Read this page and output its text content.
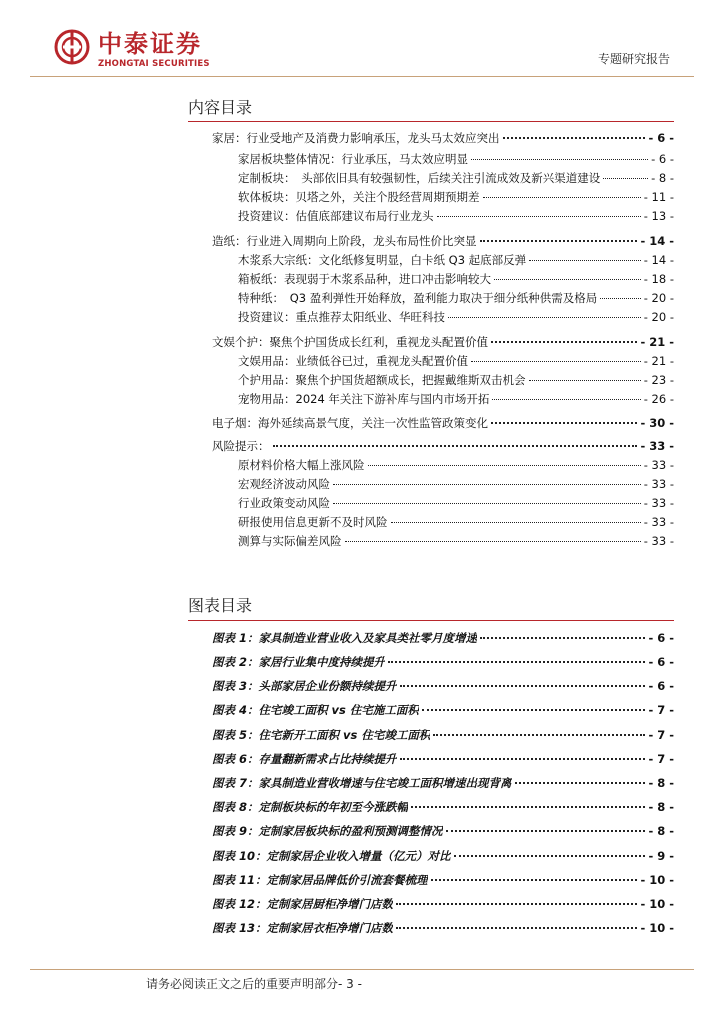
中泰证券
ZHONGTAI SECURITIES	专题研究报告
内容目录
家居：行业受地产及消费力影响承压，龙头马太效应突出	- 6 -
家居板块整体情况：行业承压，马太效应明显	- 6 -
定制板块：　头部依旧具有较强韧性，后续关注引流成效及新兴渠道建设	- 8 -
软体板块：贝塔之外，关注个股经营周期预期差	- 11 -
投资建议：估值底部建议布局行业龙头	- 13 -
造纸：行业进入周期向上阶段，龙头布局性价比突显	- 14 -
木浆系大宗纸：文化纸修复明显，白卡纸 Q3 起底部反弹	- 14 -
箱板纸：表现弱于木浆系品种，进口冲击影响较大	- 18 -
特种纸：　Q3 盈利弹性开始释放，盈利能力取决于细分纸种供需及格局	- 20 -
投资建议：重点推荐太阳纸业、华旺科技	- 20 -
文娱个护：聚焦个护国货成长红利，重视龙头配置价值	- 21 -
文娱用品：业绩低谷已过，重视龙头配置价值	- 21 -
个护用品：聚焦个护国货超额成长，把握戴维斯双击机会	- 23 -
宠物用品：2024 年关注下游补库与国内市场开拓	- 26 -
电子烟：海外延续高景气度，关注一次性监管政策变化	- 30 -
风险提示：	- 33 -
原材料价格大幅上涨风险	- 33 -
宏观经济波动风险	- 33 -
行业政策变动风险	- 33 -
研报使用信息更新不及时风险	- 33 -
测算与实际偏差风险	- 33 -
图表目录
图表 1：家具制造业营业收入及家具类社零月度增速	- 6 -
图表 2：家居行业集中度持续提升	- 6 -
图表 3：头部家居企业份额持续提升	- 6 -
图表 4：住宅竣工面积 vs 住宅施工面积	- 7 -
图表 5：住宅新开工面积 vs 住宅竣工面积	- 7 -
图表 6：存量翻新需求占比持续提升	- 7 -
图表 7：家具制造业营收增速与住宅竣工面积增速出现背离	- 8 -
图表 8：定制板块标的年初至今涨跌幅	- 8 -
图表 9：定制家居板块标的盈利预测调整情况	- 8 -
图表 10：定制家居企业收入增量（亿元）对比	- 9 -
图表 11：定制家居品牌低价引流套餐梳理	- 10 -
图表 12：定制家居厨柜净增门店数	- 10 -
图表 13：定制家居衣柜净增门店数	- 10 -
请务必阅读正文之后的重要声明部分- 3 -
